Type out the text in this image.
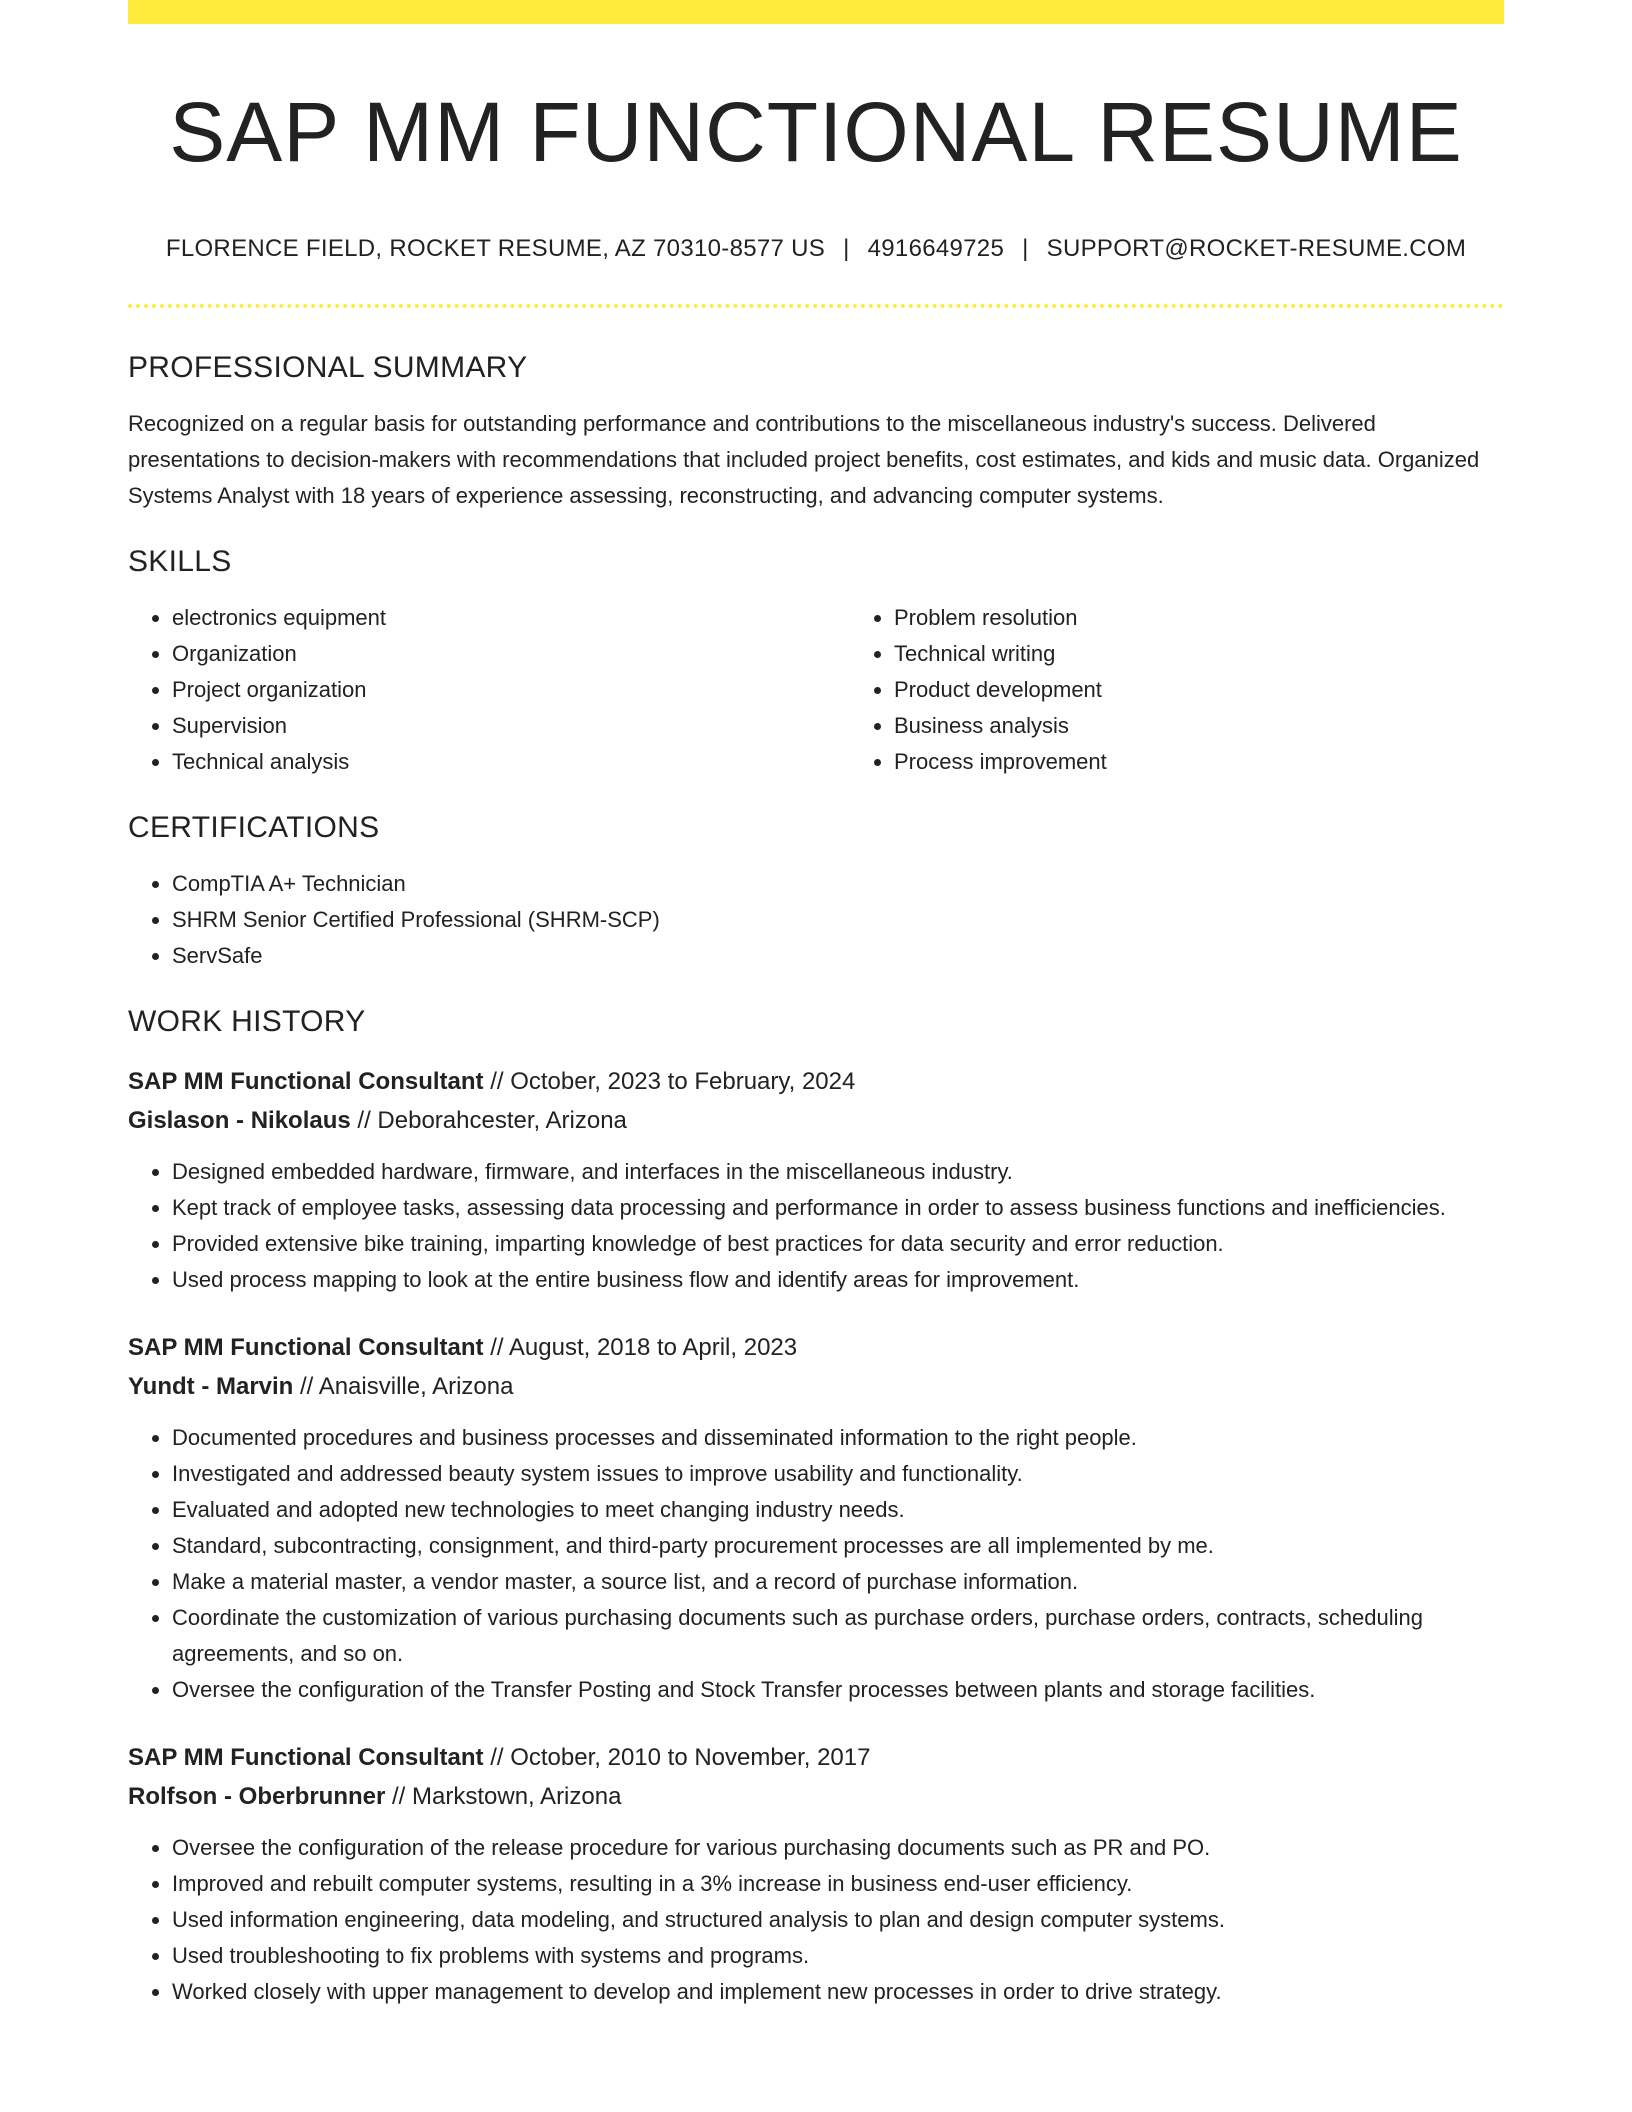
SAP MM FUNCTIONAL RESUME
FLORENCE FIELD, ROCKET RESUME, AZ 70310-8577 US | 4916649725 | SUPPORT@ROCKET-RESUME.COM
PROFESSIONAL SUMMARY

Recognized on a regular basis for outstanding performance and contributions to the miscellaneous industry's success. Delivered presentations to decision-makers with recommendations that included project benefits, cost estimates, and kids and music data. Organized Systems Analyst with 18 years of experience assessing, reconstructing, and advancing computer systems.

SKILLS
• electronics equipment
• Organization
• Project organization
• Supervision
• Technical analysis
• Problem resolution
• Technical writing
• Product development
• Business analysis
• Process improvement
CERTIFICATIONS
• CompTIA A+ Technician
• SHRM Senior Certified Professional (SHRM-SCP)
• ServSafe
WORK HISTORY

SAP MM Functional Consultant // October, 2023 to February, 2024

Gislason - Nikolaus // Deborahcester, Arizona

• Designed embedded hardware, firmware, and interfaces in the miscellaneous industry.
• Kept track of employee tasks, assessing data processing and performance in order to assess business functions and inefficiencies.
• Provided extensive bike training, imparting knowledge of best practices for data security and error reduction.
• Used process mapping to look at the entire business flow and identify areas for improvement.

SAP MM Functional Consultant // August, 2018 to April, 2023

Yundt - Marvin // Anaisville, Arizona

• Documented procedures and business processes and disseminated information to the right people.
• Investigated and addressed beauty system issues to improve usability and functionality.
• Evaluated and adopted new technologies to meet changing industry needs.
• Standard, subcontracting, consignment, and third-party procurement processes are all implemented by me.
• Make a material master, a vendor master, a source list, and a record of purchase information.
• Coordinate the customization of various purchasing documents such as purchase orders, purchase orders, contracts, scheduling agreements, and so on.
• Oversee the configuration of the Transfer Posting and Stock Transfer processes between plants and storage facilities.

SAP MM Functional Consultant // October, 2010 to November, 2017

Rolfson - Oberbrunner // Markstown, Arizona

• Oversee the configuration of the release procedure for various purchasing documents such as PR and PO.
• Improved and rebuilt computer systems, resulting in a 3% increase in business end-user efficiency.
• Used information engineering, data modeling, and structured analysis to plan and design computer systems.
• Used troubleshooting to fix problems with systems and programs.
• Worked closely with upper management to develop and implement new processes in order to drive strategy.
